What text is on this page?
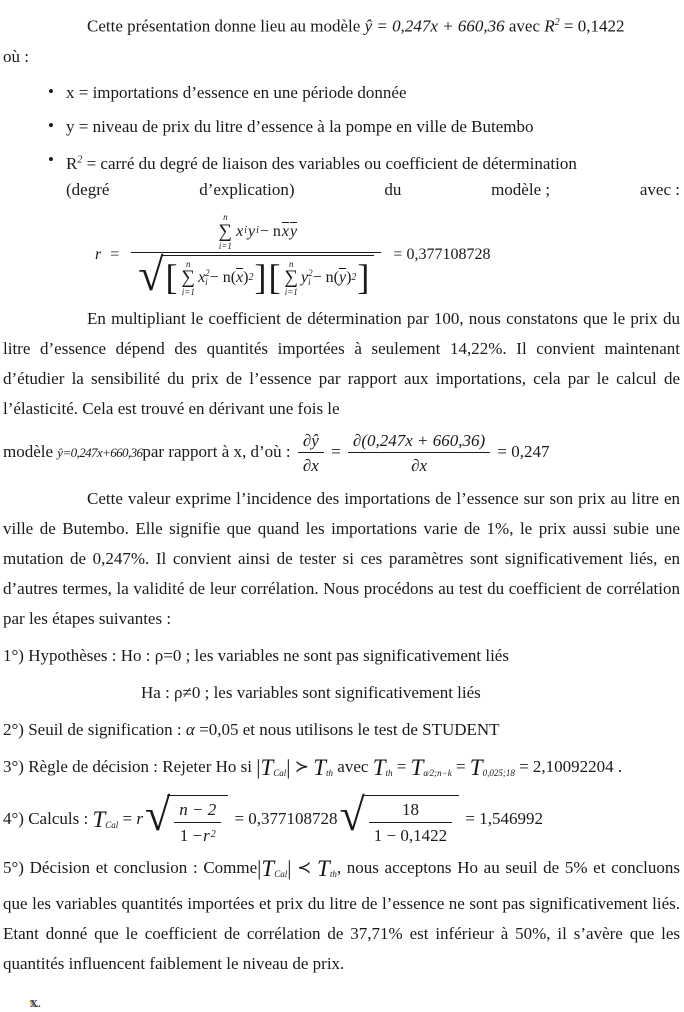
Cette présentation donne lieu au modèle ŷ = 0,247x + 660,36 avec $R^2 = 0,1422$

où :

• x = importations d’essence en une période donnée
• y = niveau de prix du litre d’essence à la pompe en ville de Butembo
• $R^2$ = carré du degré de liaison des variables ou coefficient de détermination
(degré	d’explication)	du	modèle ;	avec :
r =
n
∑
i=1
x i y i − n $\overline{x}$ $\overline{y}$
√ [ n
∑
i=1
x 2
i − n ( $\overline{x}$ ) 2 ] [ n
∑
i=1
y 2
i − n ( $\overline{y}$ ) 2 ]
= 0,377108728

En multipliant le coefficient de détermination par 100, nous constatons que le prix du litre d’essence dépend des quantités importées à seulement 14,22%. Il convient maintenant d’étudier la sensibilité du prix de l’essence par rapport aux importations, cela par le calcul de l’élasticité. Cela est trouvé en dérivant une fois le

modèle ŷ=0,247x+660,36par rapport à x, d’où : $\frac{\partial ŷ}{\partial x} = \frac{\partial(0,247x + 660,36)}{\partial x} = 0,247$

Cette valeur exprime l’incidence des importations de l’essence sur son prix au litre en ville de Butembo. Elle signifie que quand les importations varie de 1%, le prix aussi subie une mutation de 0,247%. Il convient ainsi de tester si ces paramètres sont significativement liés, en d’autres termes, la validité de leur corrélation. Nous procédons au test du coefficient de corrélation par les étapes suivantes :

1°) Hypothèses : Ho : ρ=0 ; les variables ne sont pas significativement liés

Ha : ρ≠0 ; les variables sont significativement liés

2°) Seuil de signification : α =0,05 et nous utilisons le test de STUDENT

3°) Règle de décision : Rejeter Ho si $|T_{Cal}|$ ≻ $T_{th}$ avec $T_{th} = T_{\alpha∕2;n-k} = T_{0,025;18} = 2,10092204$ .

4°) Calculs : $T_{Cal} = r$ √ $\frac{n - 2}{1 - r 2} = 0,377108728$ √ $\frac{18}{1 - 0,1422} = 1,546992$

5°) Décision et conclusion : $Comme|T_{Cal}|$ ≺ $T_{th}$, nous acceptons Ho au seuil de 5% et concluons que les variables quantités importées et prix du litre de l’essence ne sont pas significativement liés. Etant donné que le coefficient de corrélation de 37,71% est inférieur à 50%, il s’avère que les quantités influencent faiblement le niveau de prix.

X.
